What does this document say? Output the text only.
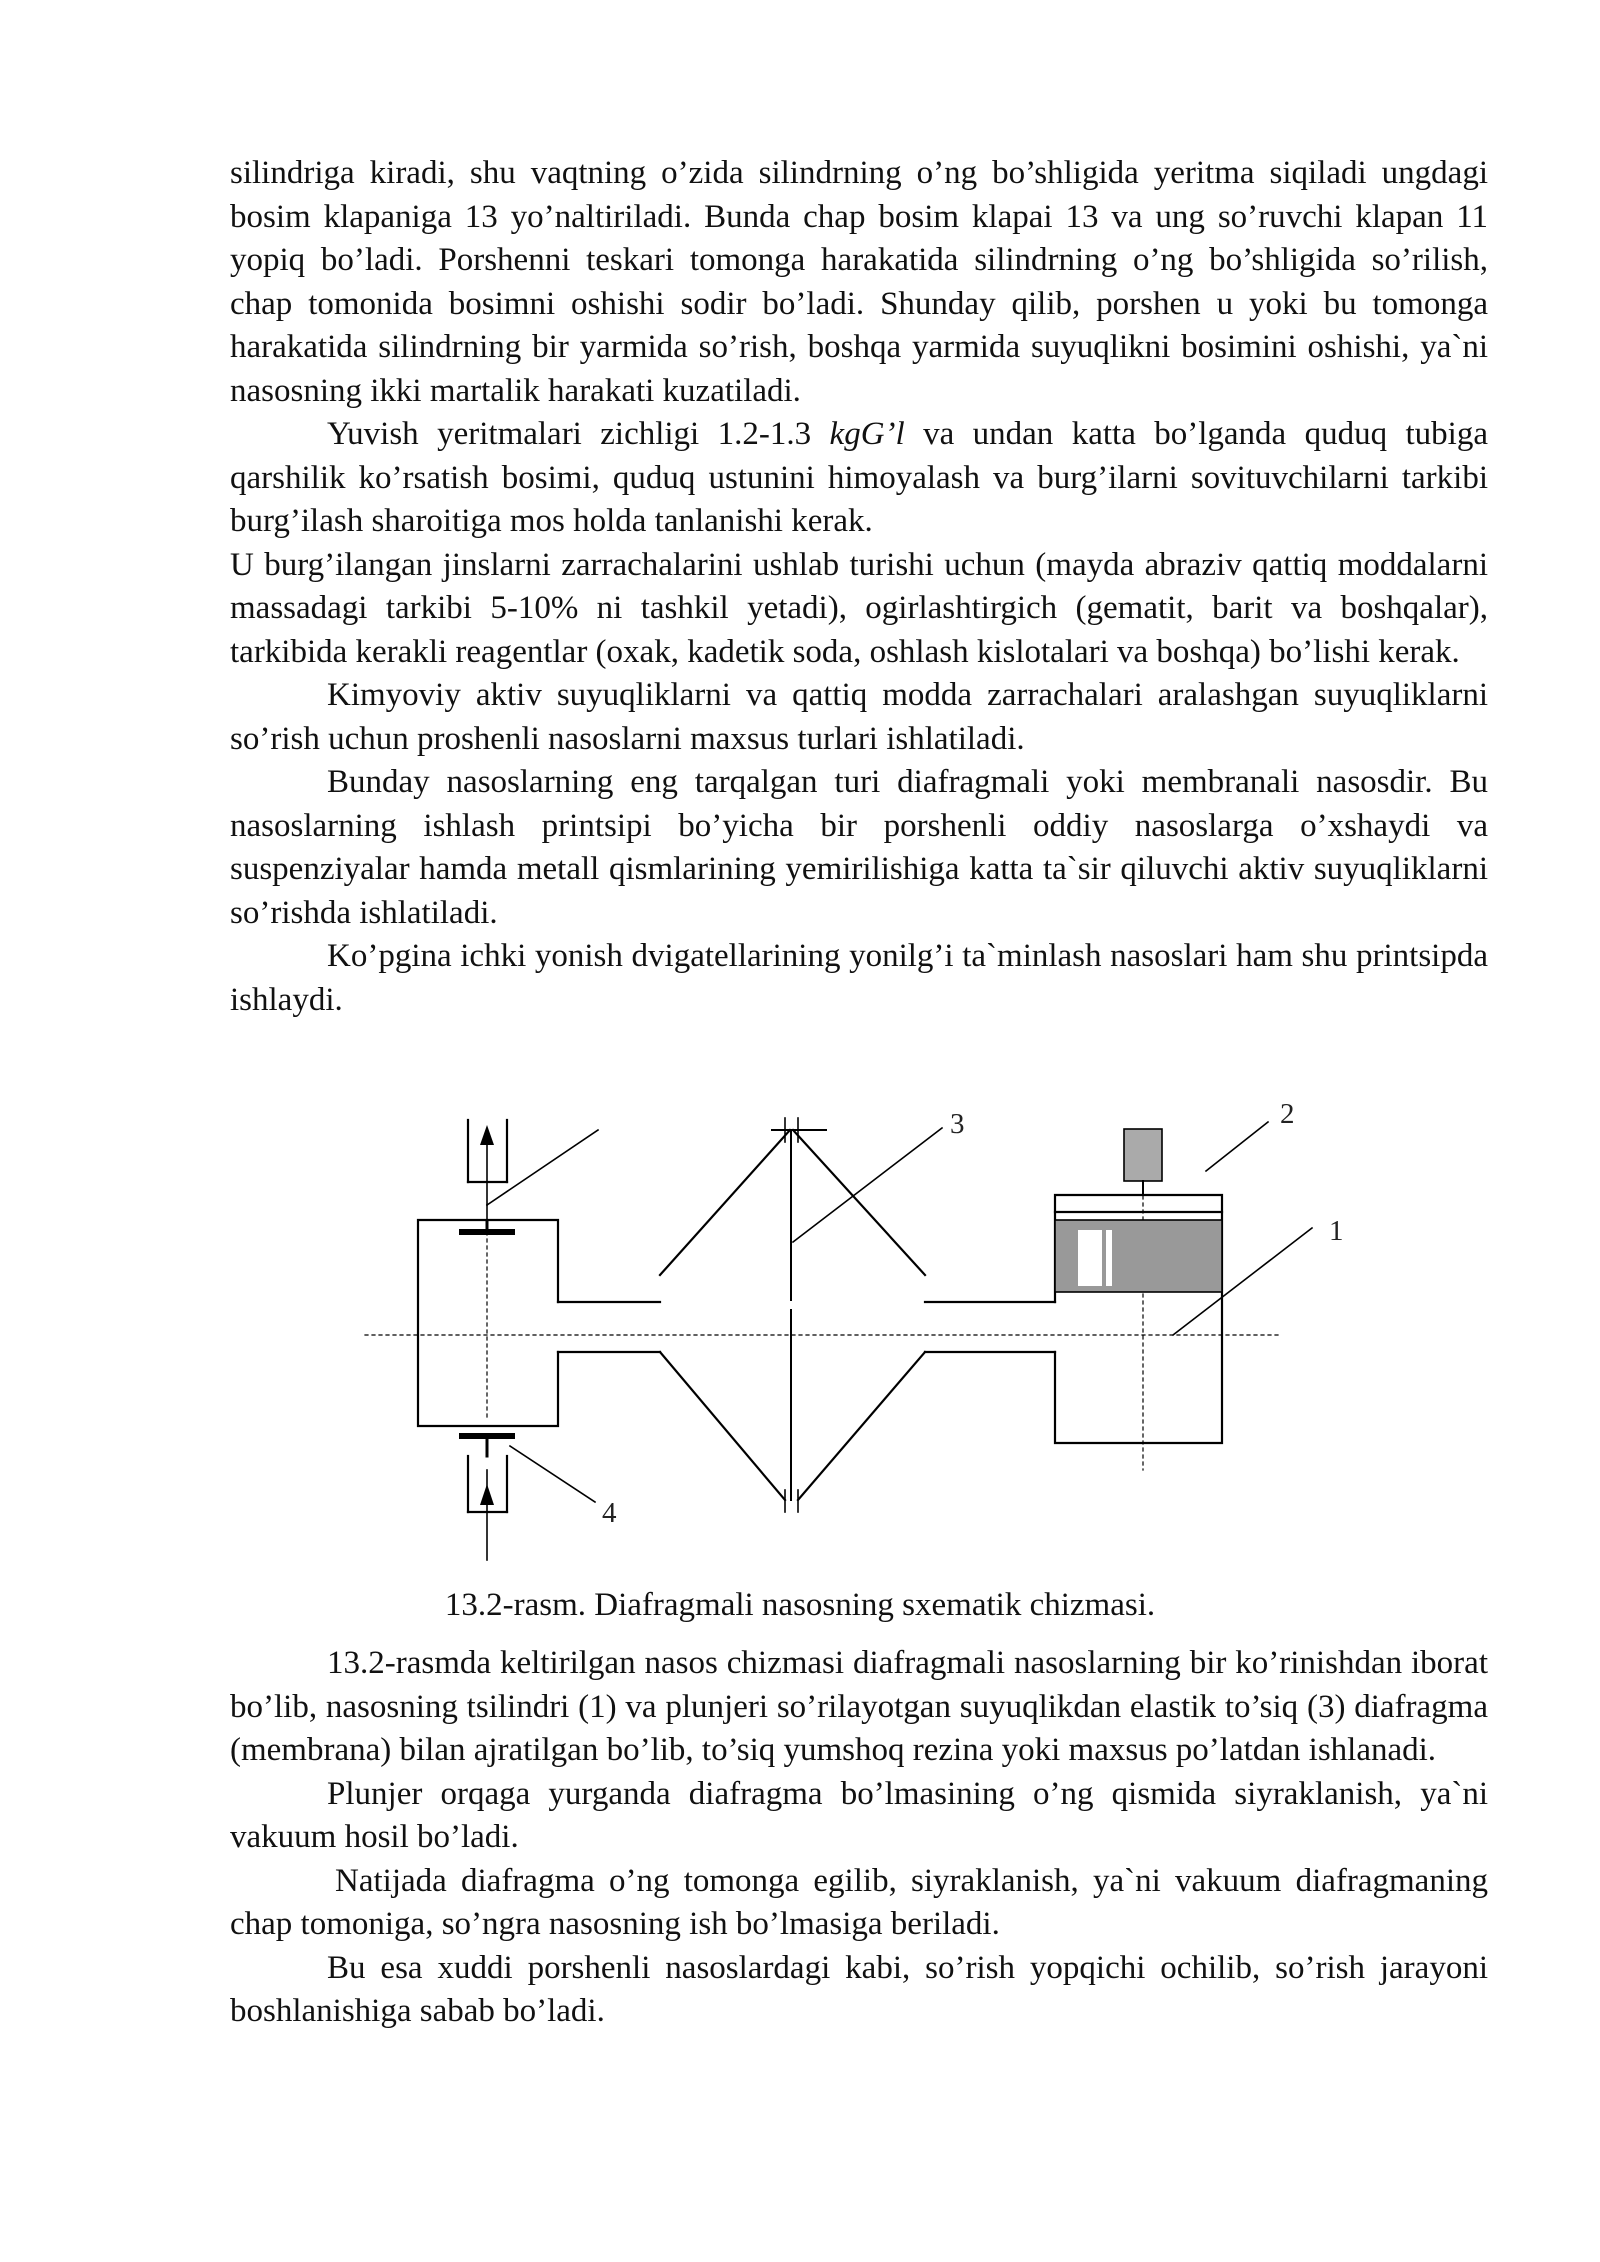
silindriga kiradi, shu vaqtning o’zida silindrning o’ng bo’shligida yeritma siqiladi ungdagi bosim klapaniga 13 yo’naltiriladi. Bunda chap bosim klapai 13 va ung so’ruvchi klapan 11 yopiq bo’ladi. Porshenni teskari tomonga harakatida silindrning o’ng bo’shligida so’rilish, chap tomonida bosimni oshishi sodir bo’ladi. Shunday qilib, porshen u yoki bu tomonga harakatida silindrning bir yarmida so’rish, boshqa yarmida suyuqlikni bosimini oshishi, ya`ni nasosning ikki martalik harakati kuzatiladi.

Yuvish yeritmalari zichligi 1.2-1.3 kgG’l va undan katta bo’lganda quduq tubiga qarshilik ko’rsatish bosimi, quduq ustunini himoyalash va burg’ilarni sovituvchilarni tarkibi burg’ilash sharoitiga mos holda tanlanishi kerak.

U burg’ilangan jinslarni zarrachalarini ushlab turishi uchun (mayda abraziv qattiq moddalarni massadagi tarkibi 5-10% ni tashkil yetadi), ogirlashtirgich (gematit, barit va boshqalar), tarkibida kerakli reagentlar (oxak, kadetik soda, oshlash kislotalari va boshqa) bo’lishi kerak.

Kimyoviy aktiv suyuqliklarni va qattiq modda zarrachalari aralashgan suyuqliklarni so’rish uchun proshenli nasoslarni maxsus turlari ishlatiladi.

Bunday nasoslarning eng tarqalgan turi diafragmali yoki membranali nasosdir. Bu nasoslarning ishlash printsipi bo’yicha bir porshenli oddiy nasoslarga o’xshaydi va suspenziyalar hamda metall qismlarining yemirilishiga katta ta`sir qiluvchi aktiv suyuqliklarni so’rishda ishlatiladi.

Ko’pgina ichki yonish dvigatellarining yonilg’i ta`minlash nasoslari ham shu printsipda ishlaydi.

3	2
1
4
13.2-rasm. Diafragmali nasosning sxematik chizmasi.

13.2-rasmda keltirilgan nasos chizmasi diafragmali nasoslarning bir ko’rinishdan iborat bo’lib, nasosning tsilindri (1) va plunjeri so’rilayotgan suyuqlikdan elastik to’siq (3) diafragma (membrana) bilan ajratilgan bo’lib, to’siq yumshoq rezina yoki maxsus po’latdan ishlanadi.

Plunjer orqaga yurganda diafragma bo’lmasining o’ng qismida siyraklanish, ya`ni vakuum hosil bo’ladi.

Natijada diafragma o’ng tomonga egilib, siyraklanish, ya`ni vakuum diafragmaning chap tomoniga, so’ngra nasosning ish bo’lmasiga beriladi.

Bu esa xuddi porshenli nasoslardagi kabi, so’rish yopqichi ochilib, so’rish jarayoni boshlanishiga sabab bo’ladi.
